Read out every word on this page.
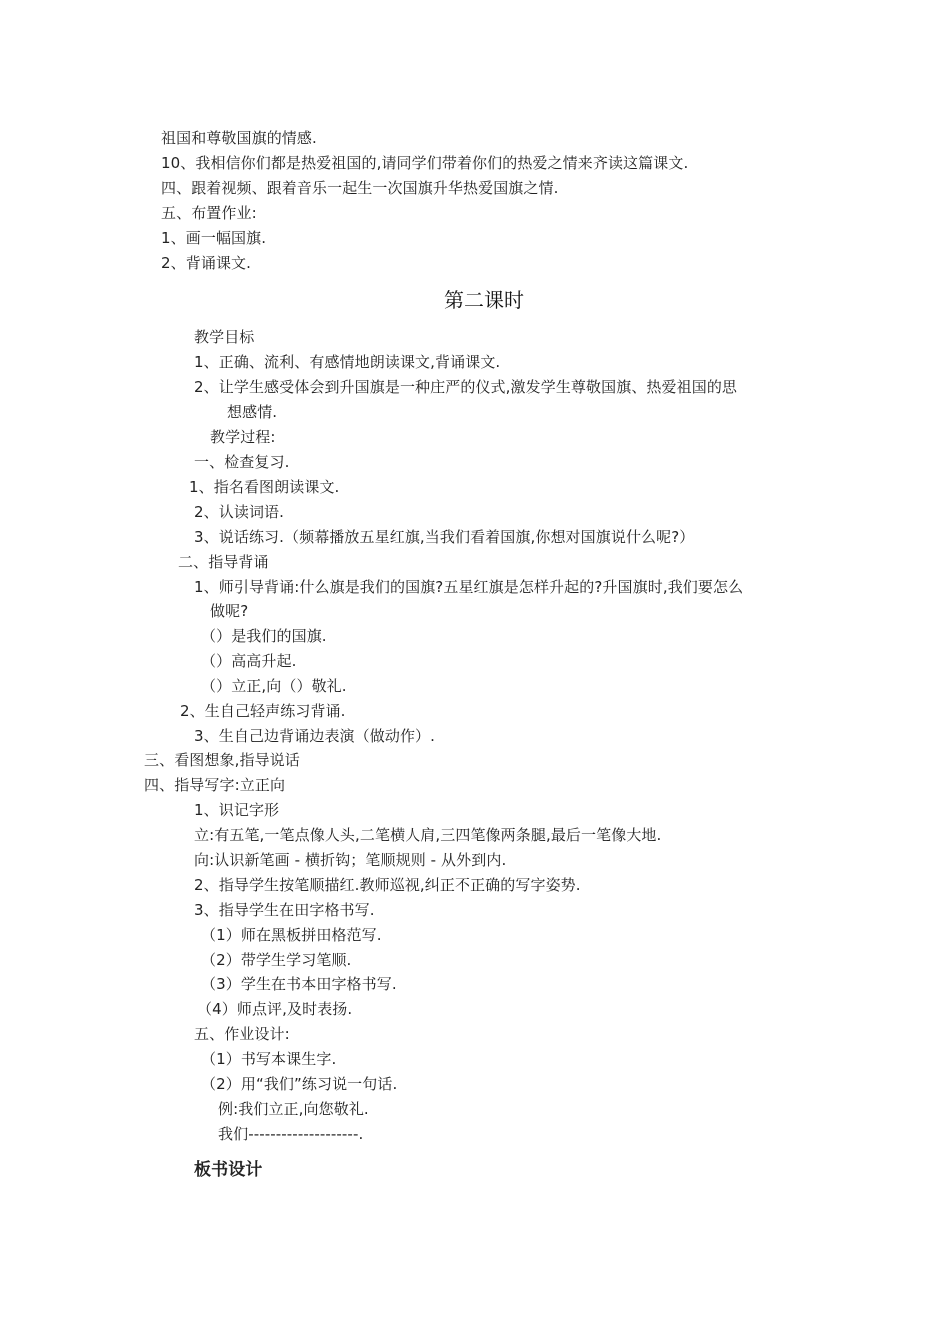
祖国和尊敬国旗的情感.
10、我相信你们都是热爱祖国的,请同学们带着你们的热爱之情来齐读这篇课文.
四、跟着视频、跟着音乐一起生一次国旗升华热爱国旗之情.
五、布置作业:
1、画一幅国旗.
2、背诵课文.
第二课时
教学目标
1、正确、流利、有感情地朗读课文,背诵课文.
2、让学生感受体会到升国旗是一种庄严的仪式,激发学生尊敬国旗、热爱祖国的思
想感情.
教学过程:
一、检查复习.
1、指名看图朗读课文.
2、认读词语.
3、说话练习.（频幕播放五星红旗,当我们看着国旗,你想对国旗说什么呢?）
二、指导背诵
1、师引导背诵:什么旗是我们的国旗?五星红旗是怎样升起的?升国旗时,我们要怎么
做呢?
（）是我们的国旗.
（）高高升起.
（）立正,向（）敬礼.
2、生自己轻声练习背诵.
3、生自己边背诵边表演（做动作）.
三、看图想象,指导说话
四、指导写字:立正向
1、识记字形
立:有五笔,一笔点像人头,二笔横人肩,三四笔像两条腿,最后一笔像大地.
向:认识新笔画 - 横折钩；笔顺规则 - 从外到内.
2、指导学生按笔顺描红.教师巡视,纠正不正确的写字姿势.
3、指导学生在田字格书写.
（1）师在黑板拼田格范写.
（2）带学生学习笔顺.
（3）学生在书本田字格书写.
（4）师点评,及时表扬.
五、作业设计:
（1）书写本课生字.
（2）用“我们”练习说一句话.
例:我们立正,向您敬礼.
我们--------------------.
板书设计
